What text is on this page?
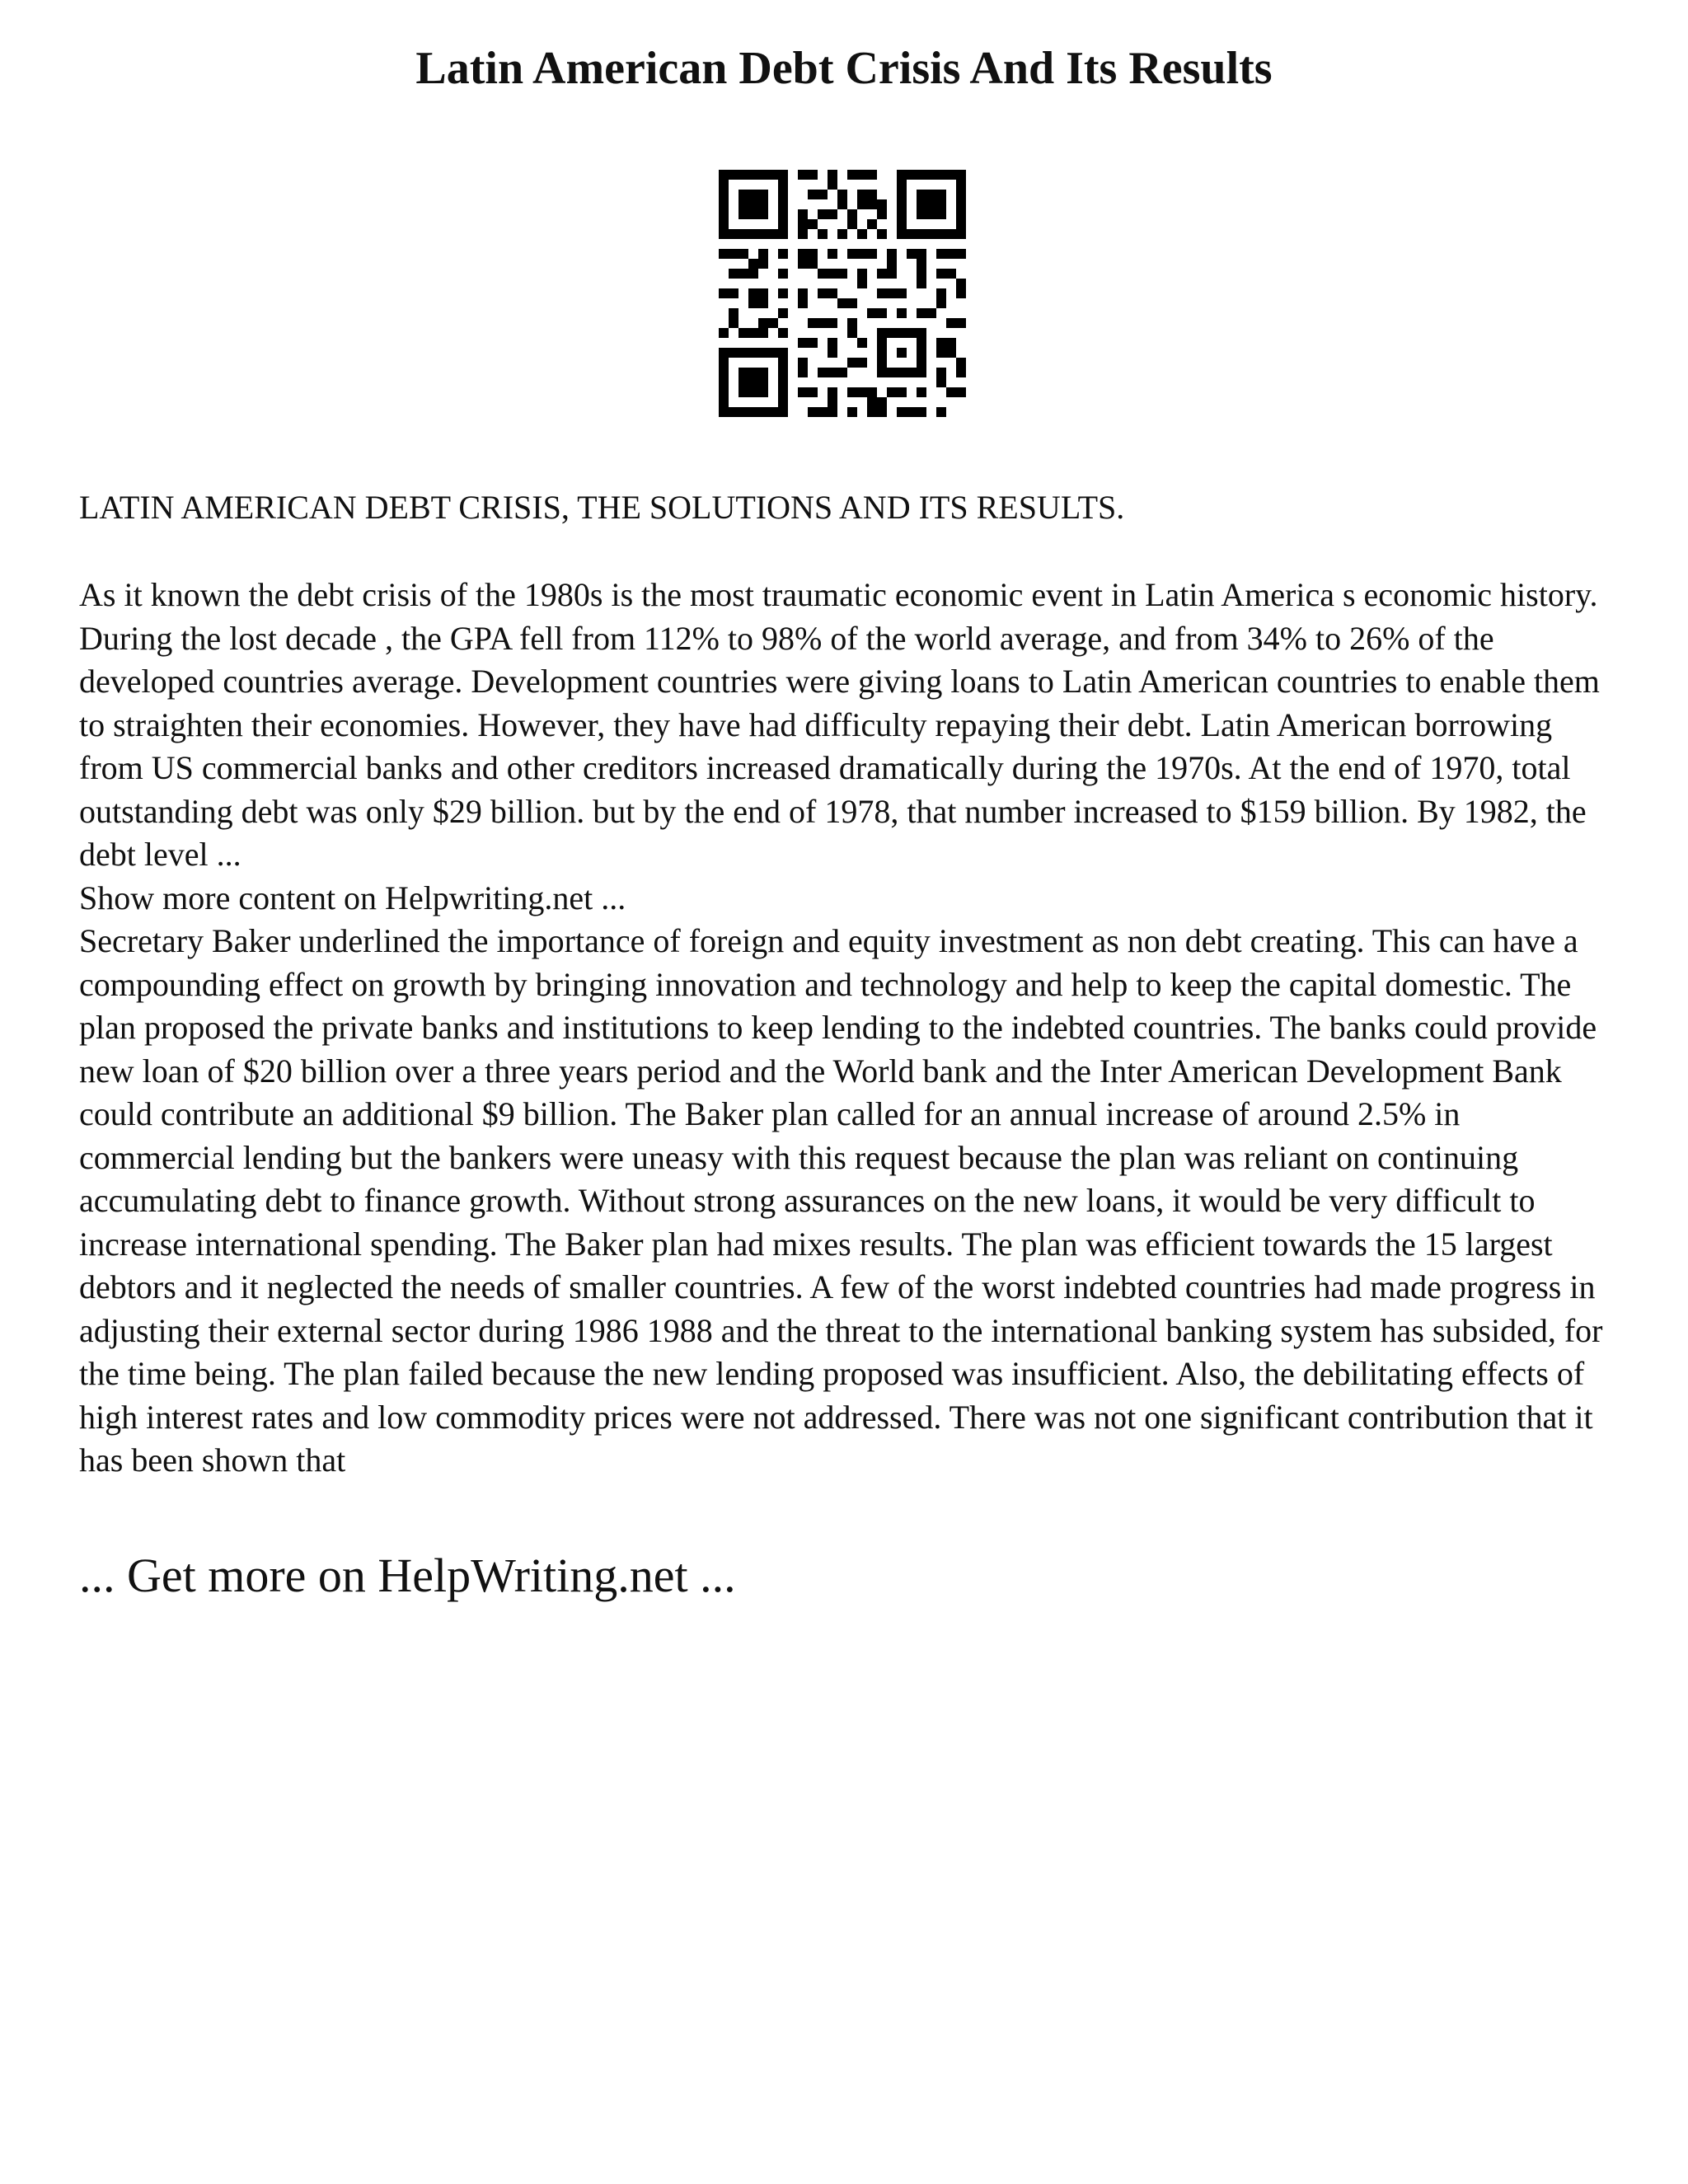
Latin American Debt Crisis And Its Results

LATIN AMERICAN DEBT CRISIS, THE SOLUTIONS AND ITS RESULTS.

As it known the debt crisis of the 1980s is the most traumatic economic event in Latin America s economic history. During the lost decade , the GPA fell from 112% to 98% of the world average, and from 34% to 26% of the developed countries average. Development countries were giving loans to Latin American countries to enable them to straighten their economies. However, they have had difficulty repaying their debt. Latin American borrowing from US commercial banks and other creditors increased dramatically during the 1970s. At the end of 1970, total outstanding debt was only $29 billion. but by the end of 1978, that number increased to $159 billion. By 1982, the debt level ...

Show more content on Helpwriting.net ...

Secretary Baker underlined the importance of foreign and equity investment as non debt creating. This can have a compounding effect on growth by bringing innovation and technology and help to keep the capital domestic. The plan proposed the private banks and institutions to keep lending to the indebted countries. The banks could provide new loan of $20 billion over a three years period and the World bank and the Inter American Development Bank could contribute an additional $9 billion. The Baker plan called for an annual increase of around 2.5% in commercial lending but the bankers were uneasy with this request because the plan was reliant on continuing accumulating debt to finance growth. Without strong assurances on the new loans, it would be very difficult to increase international spending. The Baker plan had mixes results. The plan was efficient towards the 15 largest debtors and it neglected the needs of smaller countries. A few of the worst indebted countries had made progress in adjusting their external sector during 1986 1988 and the threat to the international banking system has subsided, for the time being. The plan failed because the new lending proposed was insufficient. Also, the debilitating effects of high interest rates and low commodity prices were not addressed. There was not one significant contribution that it has been shown that

... Get more on HelpWriting.net ...
